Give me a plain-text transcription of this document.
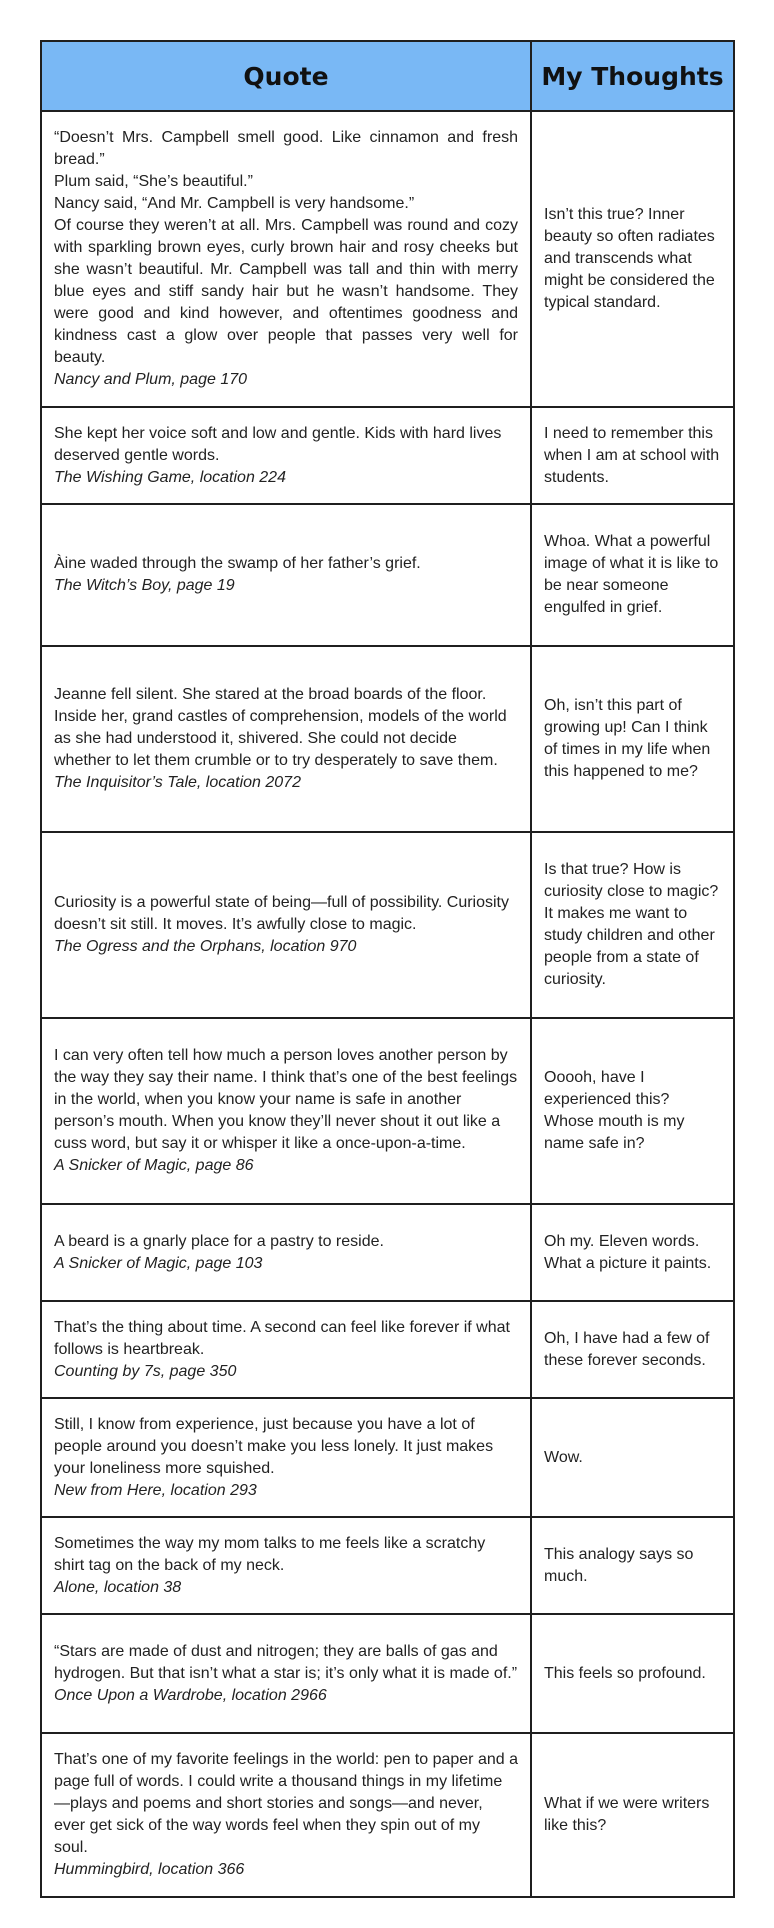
Quote	My Thoughts

“Doesn’t Mrs. Campbell smell good. Like cinnamon and fresh bread.”
Plum said, “She’s beautiful.”
Nancy said, “And Mr. Campbell is very handsome.”
Of course they weren’t at all. Mrs. Campbell was round and cozy with sparkling brown eyes, curly brown hair and rosy cheeks but she wasn’t beautiful. Mr. Campbell was tall and thin with merry blue eyes and stiff sandy hair but he wasn’t handsome. They were good and kind however, and oftentimes goodness and kindness cast a glow over people that passes very well for beauty.
Nancy and Plum, page 170	Isn’t this true? Inner beauty so often radiates and transcends what might be considered the typical standard.

She kept her voice soft and low and gentle. Kids with hard lives deserved gentle words.
The Wishing Game, location 224	I need to remember this when I am at school with students.

Àine waded through the swamp of her father’s grief.
The Witch’s Boy, page 19	Whoa. What a powerful image of what it is like to be near someone engulfed in grief.

Jeanne fell silent. She stared at the broad boards of the floor. Inside her, grand castles of comprehension, models of the world as she had understood it, shivered. She could not decide whether to let them crumble or to try desperately to save them.
The Inquisitor’s Tale, location 2072	Oh, isn’t this part of growing up! Can I think of times in my life when this happened to me?

Curiosity is a powerful state of being—full of possibility. Curiosity doesn’t sit still. It moves. It’s awfully close to magic.
The Ogress and the Orphans, location 970	Is that true? How is curiosity close to magic? It makes me want to study children and other people from a state of curiosity.

I can very often tell how much a person loves another person by the way they say their name. I think that’s one of the best feelings in the world, when you know your name is safe in another person’s mouth. When you know they’ll never shout it out like a cuss word, but say it or whisper it like a once-upon-a-time.
A Snicker of Magic, page 86	Ooooh, have I experienced this? Whose mouth is my name safe in?

A beard is a gnarly place for a pastry to reside.
A Snicker of Magic, page 103	Oh my. Eleven words. What a picture it paints.

That’s the thing about time. A second can feel like forever if what follows is heartbreak.
Counting by 7s, page 350	Oh, I have had a few of these forever seconds.

Still, I know from experience, just because you have a lot of people around you doesn’t make you less lonely. It just makes your loneliness more squished.
New from Here, location 293	Wow.

Sometimes the way my mom talks to me feels like a scratchy shirt tag on the back of my neck.
Alone, location 38	This analogy says so much.

“Stars are made of dust and nitrogen; they are balls of gas and hydrogen. But that isn’t what a star is; it’s only what it is made of.”
Once Upon a Wardrobe, location 2966	This feels so profound.

That’s one of my favorite feelings in the world: pen to paper and a page full of words. I could write a thousand things in my lifetime—plays and poems and short stories and songs—and never, ever get sick of the way words feel when they spin out of my soul.
Hummingbird, location 366	What if we were writers like this?
